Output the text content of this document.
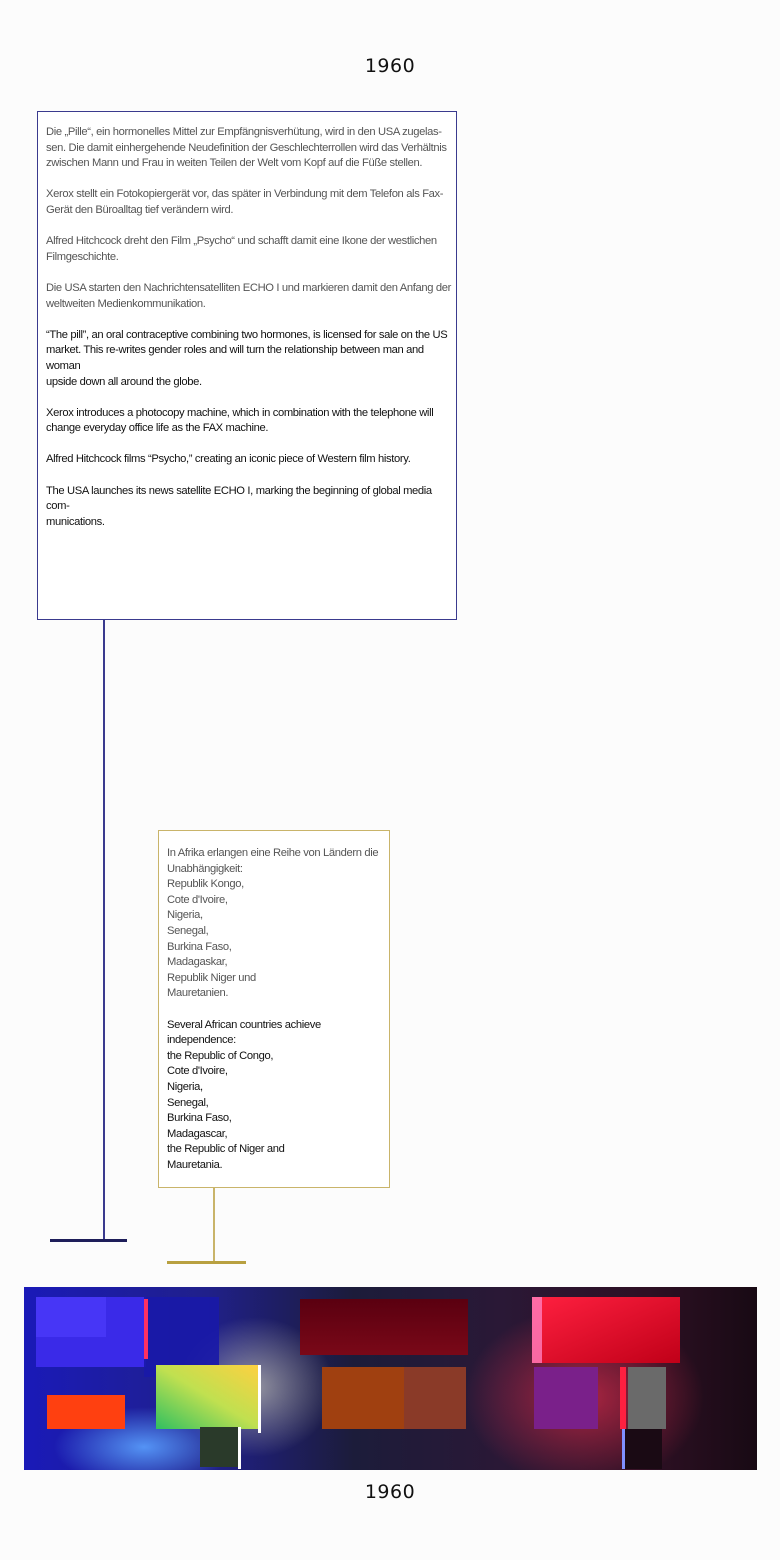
1960

Die „Pille“, ein hormonelles Mittel zur Empfängnisverhütung, wird in den USA zugelas-
sen. Die damit einhergehende Neudefinition der Geschlechterrollen wird das Verhältnis
zwischen Mann und Frau in weiten Teilen der Welt vom Kopf auf die Füße stellen.

Xerox stellt ein Fotokopiergerät vor, das später in Verbindung mit dem Telefon als Fax-
Gerät den Büroalltag tief verändern wird.

Alfred Hitchcock dreht den Film „Psycho“ und schafft damit eine Ikone der westlichen
Filmgeschichte.

Die USA starten den Nachrichtensatelliten ECHO I und markieren damit den Anfang der
weltweiten Medienkommunikation.

“The pill”, an oral contraceptive combining two hormones, is licensed for sale on the US
market. This re-writes gender roles and will turn the relationship between man and woman
upside down all around the globe.

Xerox introduces a photocopy machine, which in combination with the telephone will
change everyday office life as the FAX machine.

Alfred Hitchcock films “Psycho,” creating an iconic piece of Western film history.

The USA launches its news satellite ECHO I, marking the beginning of global media com-
munications.

In Afrika erlangen eine Reihe von Ländern die
Unabhängigkeit:
Republik Kongo,
Cote d'Ivoire,
Nigeria,
Senegal,
Burkina Faso,
Madagaskar,
Republik Niger und
Mauretanien.

Several African countries achieve independence:
the Republic of Congo,
Cote d'Ivoire,
Nigeria,
Senegal,
Burkina Faso,
Madagascar,
the Republic of Niger and
Mauretania.

1960
